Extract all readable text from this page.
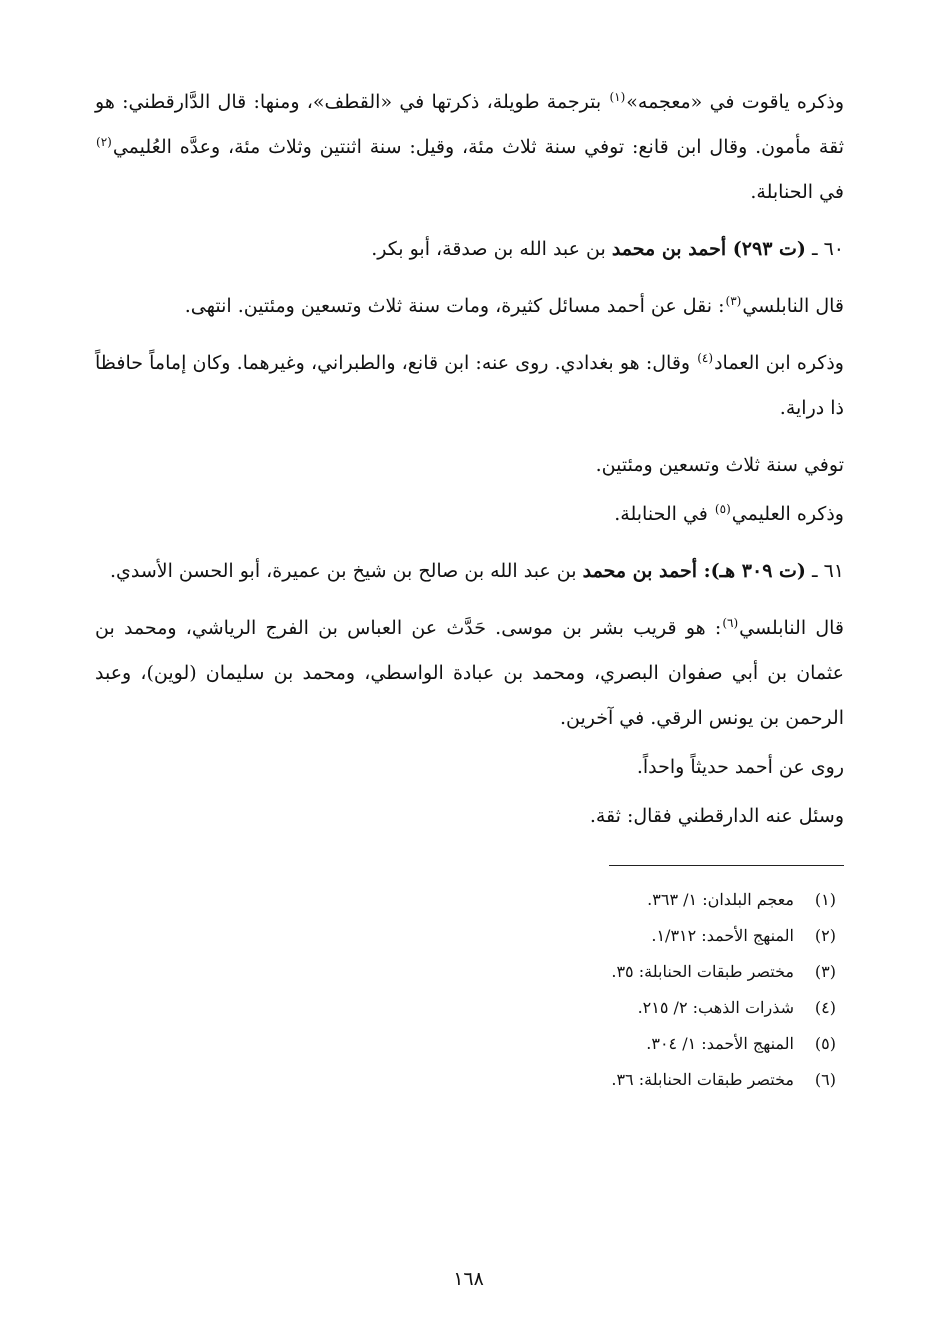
وذكره ياقوت في «معجمه»$^{(١)}$ بترجمة طويلة، ذكرتها في «القطف»، ومنها: قال الدَّارقطني: هو ثقة مأمون. وقال ابن قانع: توفي سنة ثلاث مئة، وقيل: سنة اثنتين وثلاث مئة، وعدَّه العُليمي$^{(٢)}$ في الحنابلة.

٦٠ ـ (ت ٢٩٣) أحمد بن محمد بن عبد الله بن صدقة، أبو بكر.

قال النابلسي$^{(٣)}$: نقل عن أحمد مسائل كثيرة، ومات سنة ثلاث وتسعين ومئتين. انتهى.

وذكره ابن العماد$^{(٤)}$ وقال: هو بغدادي. روى عنه: ابن قانع، والطبراني، وغيرهما. وكان إماماً حافظاً ذا دراية.

توفي سنة ثلاث وتسعين ومئتين.

وذكره العليمي$^{(٥)}$ في الحنابلة.

٦١ ـ (ت ٣٠٩ هـ): أحمد بن محمد بن عبد الله بن صالح بن شيخ بن عميرة، أبو الحسن الأسدي.

قال النابلسي$^{(٦)}$: هو قريب بشر بن موسى. حَدَّث عن العباس بن الفرج الرياشي، ومحمد بن عثمان بن أبي صفوان البصري، ومحمد بن عبادة الواسطي، ومحمد بن سليمان (لوين)، وعبد الرحمن بن يونس الرقي. في آخرين.

روى عن أحمد حديثاً واحداً.

وسئل عنه الدارقطني فقال: ثقة.

(١)معجم البلدان: ١/ ٣٦٣.
(٢)المنهج الأحمد: ١/٣١٢.
(٣)مختصر طبقات الحنابلة: ٣٥.
(٤)شذرات الذهب: ٢/ ٢١٥.
(٥)المنهج الأحمد: ١/ ٣٠٤.
(٦)مختصر طبقات الحنابلة: ٣٦.
١٦٨
